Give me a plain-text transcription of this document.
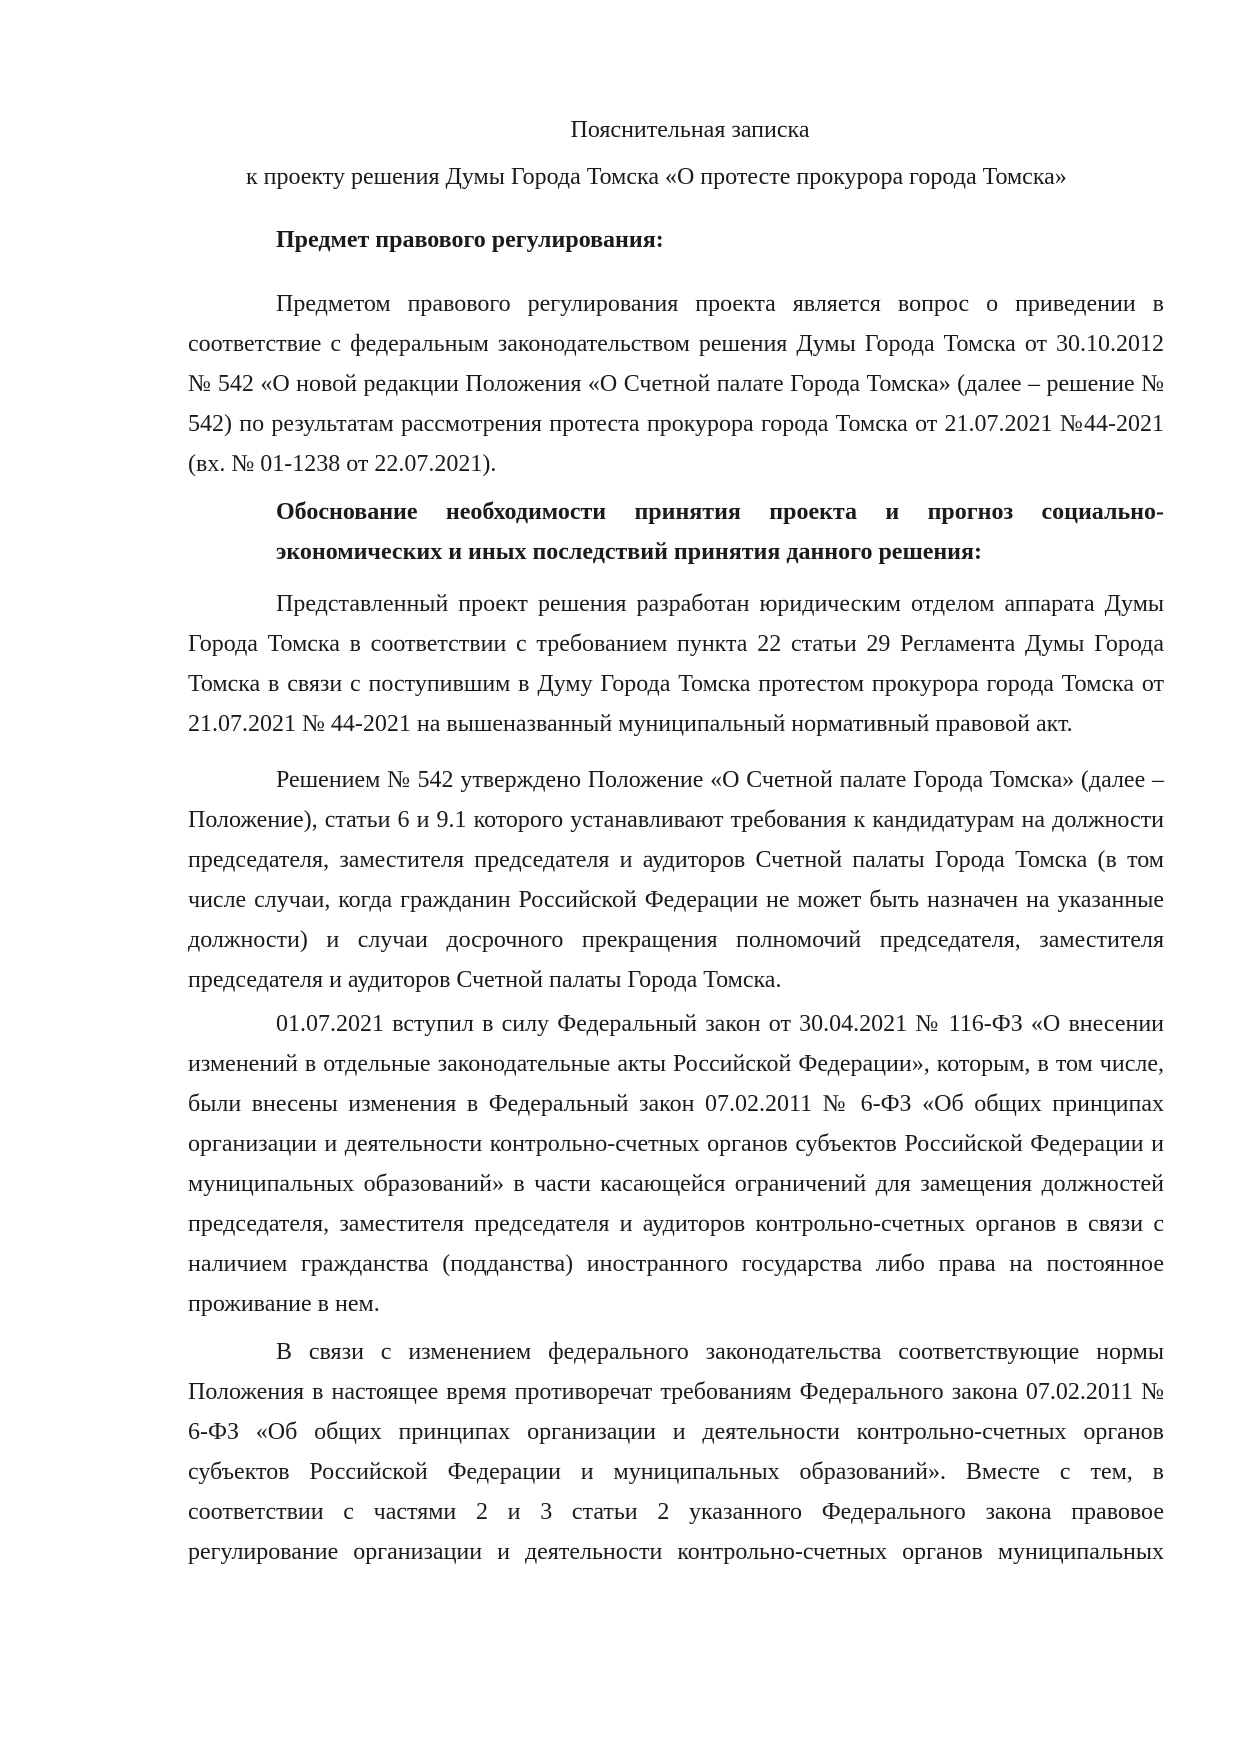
Пояснительная записка
к проекту решения Думы Города Томска «О протесте прокурора города Томска»

Предмет правового регулирования:

Предметом правового регулирования проекта является вопрос о приведении в соответствие с федеральным законодательством решения Думы Города Томска от 30.10.2012 № 542 «О новой редакции Положения «О Счетной палате Города Томска» (далее – решение № 542) по результатам рассмотрения протеста прокурора города Томска от 21.07.2021 №44-2021 (вх. № 01-1238 от 22.07.2021).

Обоснование необходимости принятия проекта и прогноз социально-экономических и иных последствий принятия данного решения:

Представленный проект решения разработан юридическим отделом аппарата Думы Города Томска в соответствии с требованием пункта 22 статьи 29 Регламента Думы Города Томска в связи с поступившим в Думу Города Томска протестом прокурора города Томска от 21.07.2021 № 44-2021 на вышеназванный муниципальный нормативный правовой акт.

Решением № 542 утверждено Положение «О Счетной палате Города Томска» (далее – Положение), статьи 6 и 9.1 которого устанавливают требования к кандидатурам на должности председателя, заместителя председателя и аудиторов Счетной палаты Города Томска (в том числе случаи, когда гражданин Российской Федерации не может быть назначен на указанные должности) и случаи досрочного прекращения полномочий председателя, заместителя председателя и аудиторов Счетной палаты Города Томска.

01.07.2021 вступил в силу Федеральный закон от 30.04.2021 № 116-ФЗ «О внесении изменений в отдельные законодательные акты Российской Федерации», которым, в том числе, были внесены изменения в Федеральный закон 07.02.2011 № 6-ФЗ «Об общих принципах организации и деятельности контрольно-счетных органов субъектов Российской Федерации и муниципальных образований» в части касающейся ограничений для замещения должностей председателя, заместителя председателя и аудиторов контрольно-счетных органов в связи с наличием гражданства (подданства) иностранного государства либо права на постоянное проживание в нем.

В связи с изменением федерального законодательства соответствующие нормы Положения в настоящее время противоречат требованиям Федерального закона 07.02.2011 № 6-ФЗ «Об общих принципах организации и деятельности контрольно-счетных органов субъектов Российской Федерации и муниципальных образований». Вместе с тем, в соответствии с частями 2 и 3 статьи 2 указанного Федерального закона правовое регулирование организации и деятельности контрольно-счетных органов муниципальных
